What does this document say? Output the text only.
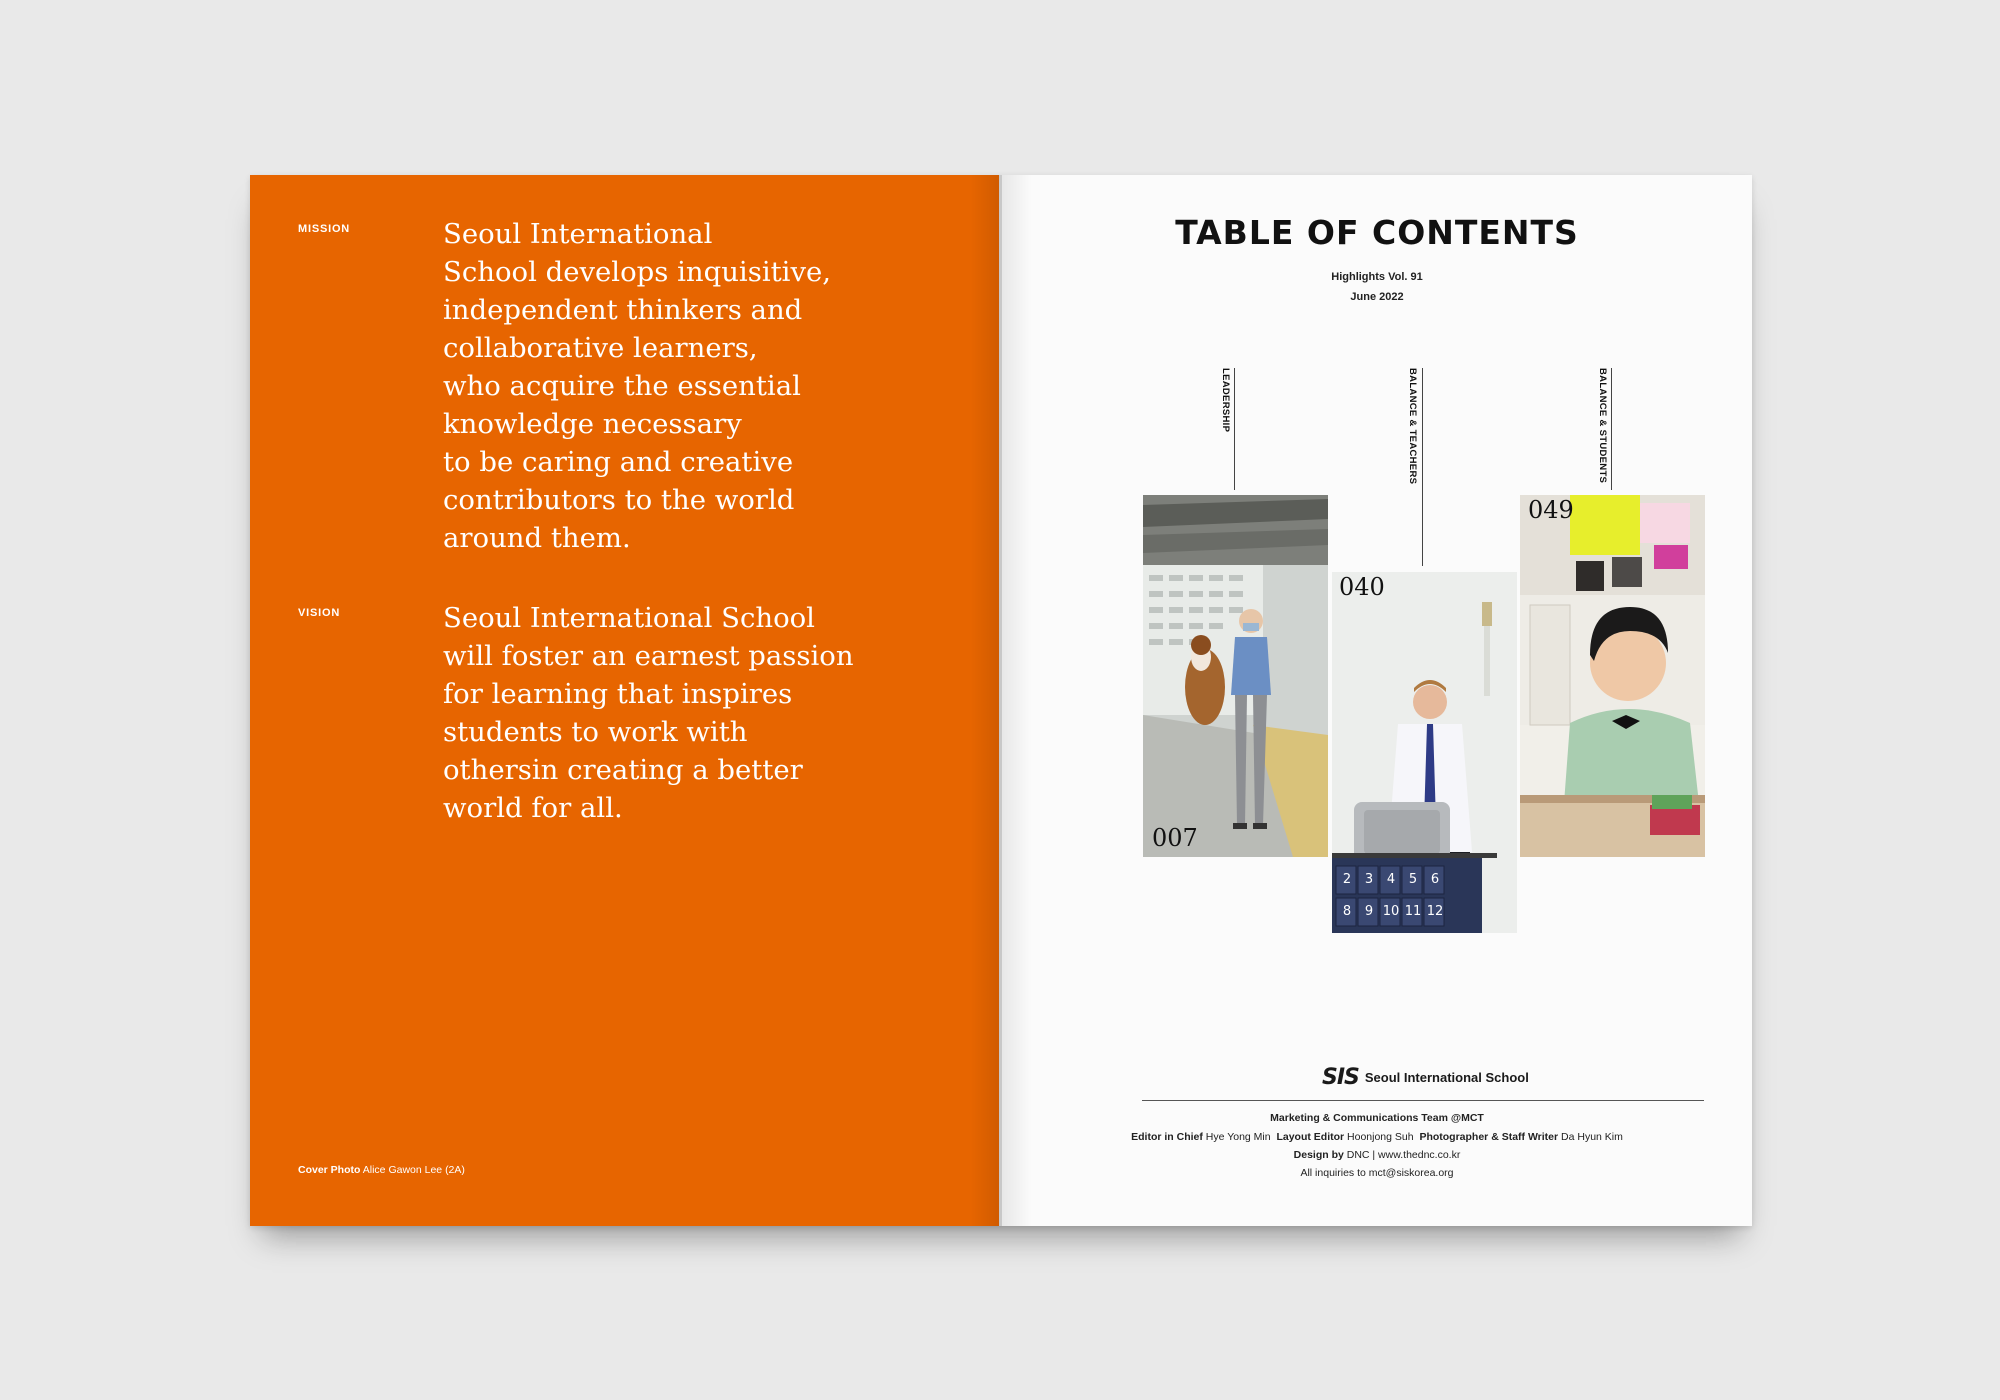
MISSION	Seoul International
School develops inquisitive,
independent thinkers and
collaborative learners,
who acquire the essential
knowledge necessary
to be caring and creative
contributors to the world
around them.

VISION	Seoul International School
will foster an earnest passion
for learning that inspires
students to work with
othersin creating a better
world for all.

Cover Photo Alice Gawon Lee (2A)
TABLE OF CONTENTS
Highlights Vol. 91
June 2022
LEADERSHIP
007
BALANCE & TEACHERS
2	3	4	5	6
8	9 10 11 12
040
BALANCE & STUDENTS
049
SIS Seoul International School
Marketing & Communications Team @MCT
Editor in Chief Hye Yong Min Layout Editor Hoonjong Suh Photographer & Staff Writer Da Hyun Kim
Design by DNC | www.thednc.co.kr
All inquiries to mct@siskorea.org
